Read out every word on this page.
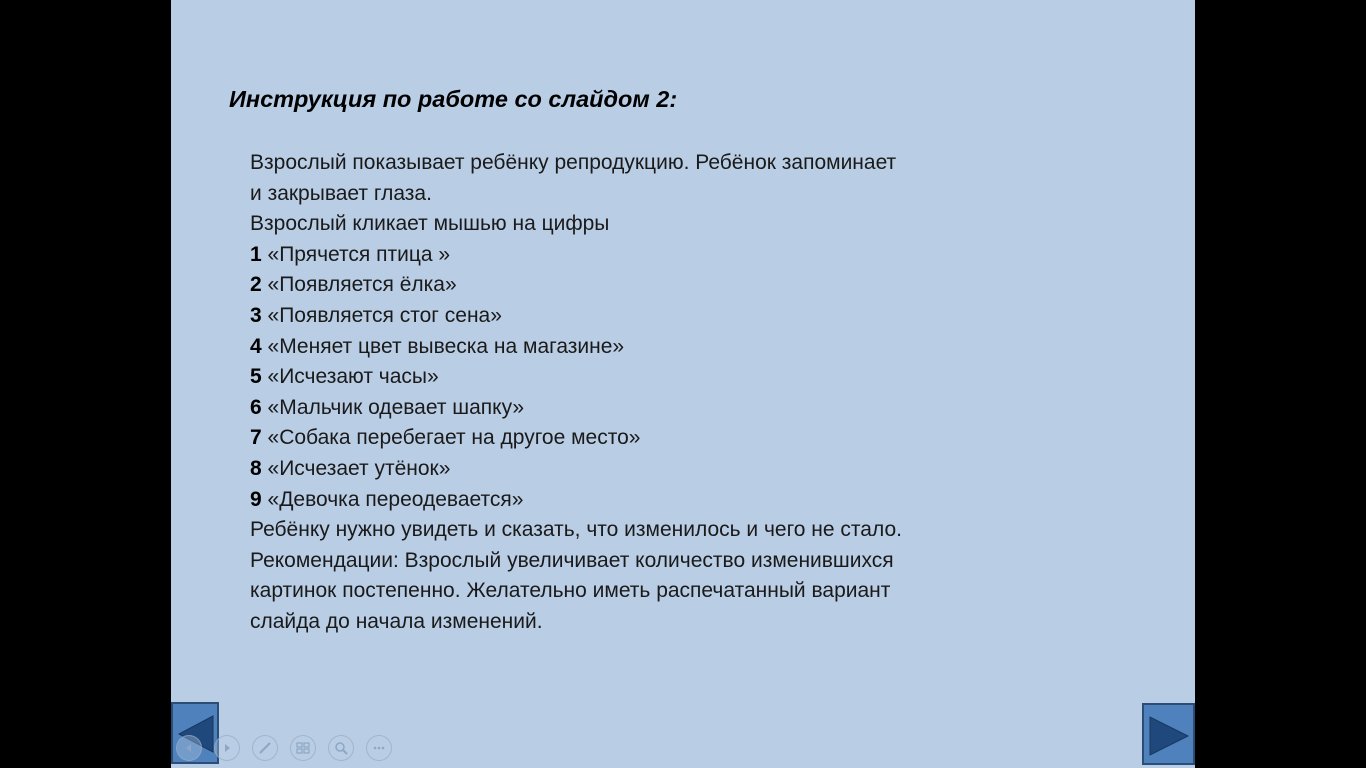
Инструкция по работе со слайдом 2:
Взрослый показывает ребёнку репродукцию. Ребёнок запоминает
и закрывает глаза.
Взрослый кликает мышью на цифры
1 «Прячется птица »
2 «Появляется ёлка»
3 «Появляется стог сена»
4 «Меняет цвет вывеска на магазине»
5 «Исчезают часы»
6 «Мальчик одевает шапку»
7 «Собака перебегает на другое место»
8 «Исчезает утёнок»
9 «Девочка переодевается»
Ребёнку нужно увидеть и сказать, что изменилось и чего не стало.
Рекомендации: Взрослый увеличивает количество изменившихся
картинок постепенно. Желательно иметь распечатанный вариант
слайда до начала изменений.
